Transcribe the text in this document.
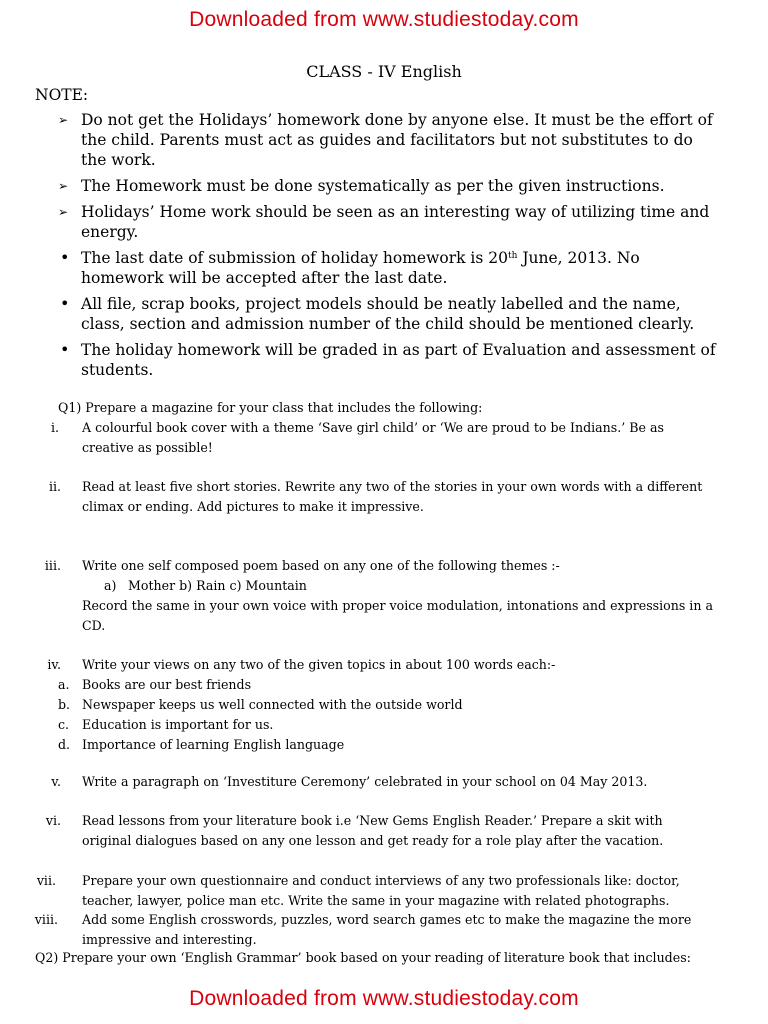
Downloaded from www.studiestoday.com
CLASS - IV English
NOTE:
➢ Do not get the Holidays’ homework done by anyone else. It must be the effort of the child. Parents must act as guides and facilitators but not substitutes to do the work.
➢ The Homework must be done systematically as per the given instructions.
➢ Holidays’ Home work should be seen as an interesting way of utilizing time and energy.
• The last date of submission of holiday homework is 20th June, 2013. No homework will be accepted after the last date.
• All file, scrap books, project models should be neatly labelled and the name, class, section and admission number of the child should be mentioned clearly.
• The holiday homework will be graded in as part of Evaluation and assessment of students.
Q1) Prepare a magazine for your class that includes the following:
i. A colourful book cover with a theme ‘Save girl child’ or ‘We are proud to be Indians.’ Be as creative as possible!
ii. Read at least five short stories. Rewrite any two of the stories in your own words with a different climax or ending. Add pictures to make it impressive.
iii. Write one self composed poem based on any one of the following themes :-
a) Mother b) Rain c) Mountain
Record the same in your own voice with proper voice modulation, intonations and expressions in a CD.
iv. Write your views on any two of the given topics in about 100 words each:-
a. Books are our best friends
b. Newspaper keeps us well connected with the outside world
c. Education is important for us.
d. Importance of learning English language
v. Write a paragraph on ‘Investiture Ceremony’ celebrated in your school on 04 May 2013.
vi. Read lessons from your literature book i.e ‘New Gems English Reader.’ Prepare a skit with original dialogues based on any one lesson and get ready for a role play after the vacation.
vii. Prepare your own questionnaire and conduct interviews of any two professionals like: doctor, teacher, lawyer, police man etc. Write the same in your magazine with related photographs.
viii. Add some English crosswords, puzzles, word search games etc to make the magazine the more impressive and interesting.
Q2) Prepare your own ‘English Grammar’ book based on your reading of literature book that includes:
Downloaded from www.studiestoday.com
